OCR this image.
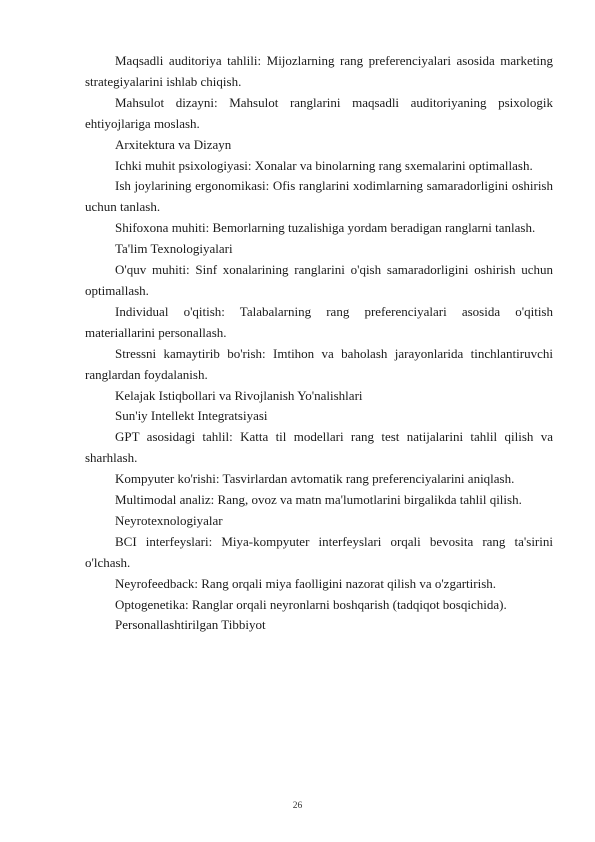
Maqsadli auditoriya tahlili: Mijozlarning rang preferenciyalari asosida marketing strategiyalarini ishlab chiqish.

Mahsulot dizayni: Mahsulot ranglarini maqsadli auditoriyaning psixologik ehtiyojlariga moslash.

Arxitektura va Dizayn

Ichki muhit psixologiyasi: Xonalar va binolarning rang sxemalarini optimallash.

Ish joylarining ergonomikasi: Ofis ranglarini xodimlarning samaradorligini oshirish uchun tanlash.

Shifoxona muhiti: Bemorlarning tuzalishiga yordam beradigan ranglarni tanlash.

Ta'lim Texnologiyalari

O'quv muhiti: Sinf xonalarining ranglarini o'qish samaradorligini oshirish uchun optimallash.

Individual o'qitish: Talabalarning rang preferenciyalari asosida o'qitish materiallarini personallash.

Stressni kamaytirib bo'rish: Imtihon va baholash jarayonlarida tinchlantiruvchi ranglardan foydalanish.

Kelajak Istiqbollari va Rivojlanish Yo'nalishlari

Sun'iy Intellekt Integratsiyasi

GPT asosidagi tahlil: Katta til modellari rang test natijalarini tahlil qilish va sharhlash.

Kompyuter ko'rishi: Tasvirlardan avtomatik rang preferenciyalarini aniqlash.

Multimodal analiz: Rang, ovoz va matn ma'lumotlarini birgalikda tahlil qilish.

Neyrotexnologiyalar

BCI interfeyslari: Miya-kompyuter interfeyslari orqali bevosita rang ta'sirini o'lchash.

Neyrofeedback: Rang orqali miya faolligini nazorat qilish va o'zgartirish.

Optogenetika: Ranglar orqali neyronlarni boshqarish (tadqiqot bosqichida).

Personallashtirilgan Tibbiyot

26
